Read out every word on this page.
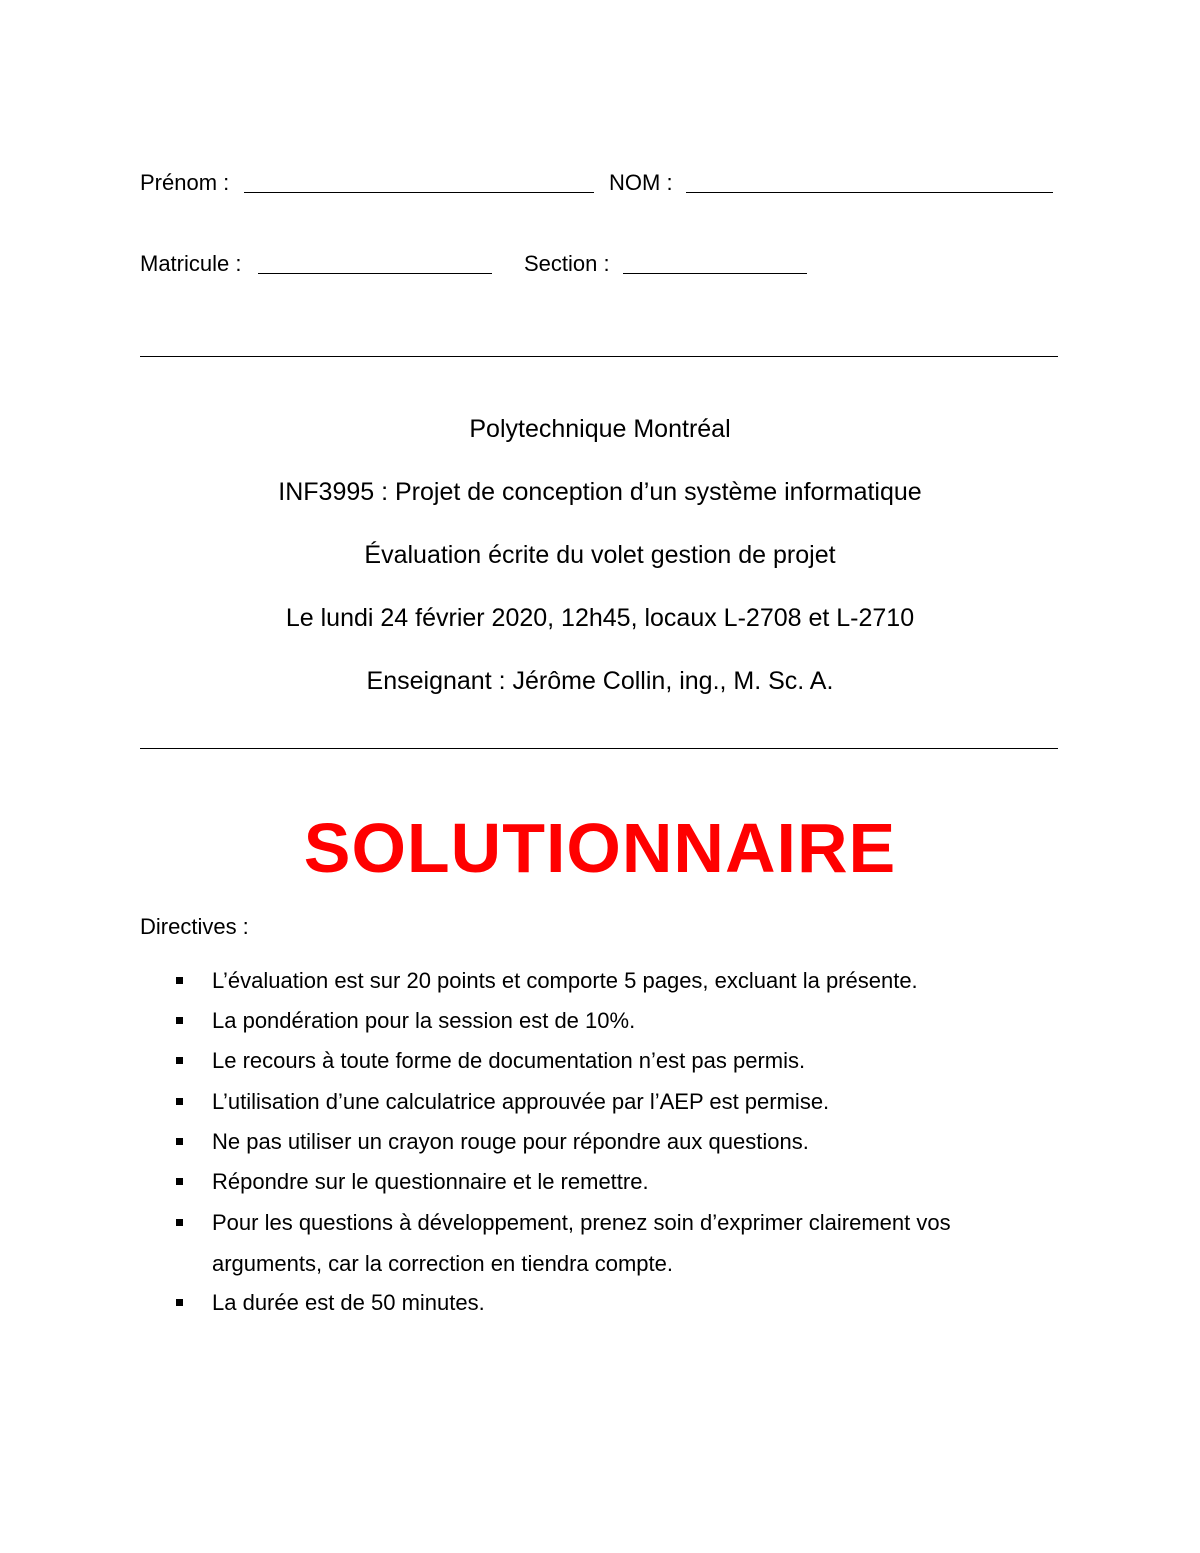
Prénom :	NOM :
Matricule :	Section :
Polytechnique Montréal
INF3995 : Projet de conception d’un système informatique
Évaluation écrite du volet gestion de projet
Le lundi 24 février 2020, 12h45, locaux L-2708 et L-2710
Enseignant : Jérôme Collin, ing., M. Sc. A.
SOLUTIONNAIRE
Directives :
L’évaluation est sur 20 points et comporte 5 pages, excluant la présente.
La pondération pour la session est de 10%.
Le recours à toute forme de documentation n’est pas permis.
L’utilisation d’une calculatrice approuvée par l’AEP est permise.
Ne pas utiliser un crayon rouge pour répondre aux questions.
Répondre sur le questionnaire et le remettre.
Pour les questions à développement, prenez soin d’exprimer clairement vos
arguments, car la correction en tiendra compte.
La durée est de 50 minutes.
